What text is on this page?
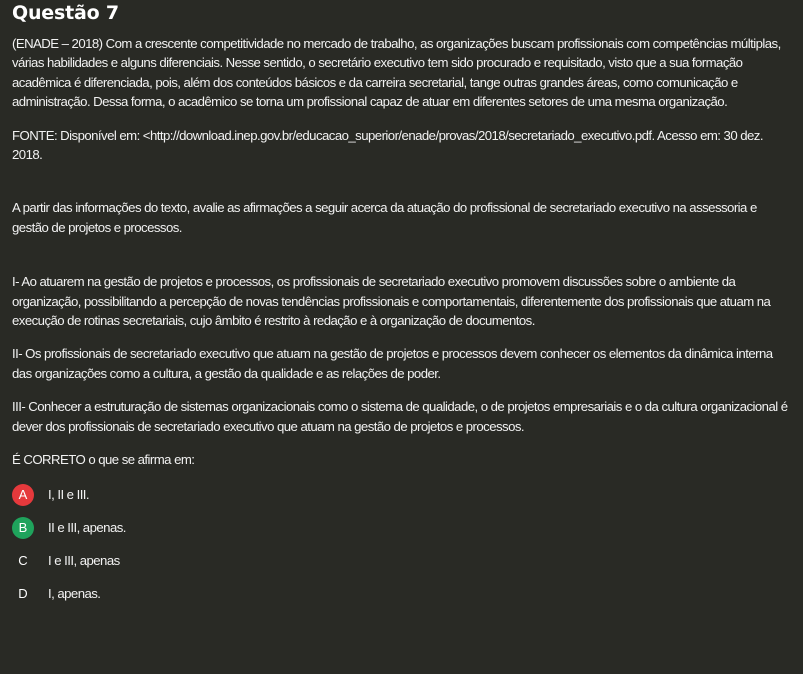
Questão 7

(ENADE – 2018) Com a crescente competitividade no mercado de trabalho, as organizações buscam profissionais com competências múltiplas, várias habilidades e alguns diferenciais. Nesse sentido, o secretário executivo tem sido procurado e requisitado, visto que a sua formação acadêmica é diferenciada, pois, além dos conteúdos básicos e da carreira secretarial, tange outras grandes áreas, como comunicação e administração. Dessa forma, o acadêmico se torna um profissional capaz de atuar em diferentes setores de uma mesma organização.

FONTE: Disponível em: <http://download.inep.gov.br/educacao_superior/enade/provas/2018/secretariado_executivo.pdf. Acesso em: 30 dez. 2018.

A partir das informações do texto, avalie as afirmações a seguir acerca da atuação do profissional de secretariado executivo na assessoria e gestão de projetos e processos.

I- Ao atuarem na gestão de projetos e processos, os profissionais de secretariado executivo promovem discussões sobre o ambiente da organização, possibilitando a percepção de novas tendências profissionais e comportamentais, diferentemente dos profissionais que atuam na execução de rotinas secretariais, cujo âmbito é restrito à redação e à organização de documentos.

II- Os profissionais de secretariado executivo que atuam na gestão de projetos e processos devem conhecer os elementos da dinâmica interna das organizações como a cultura, a gestão da qualidade e as relações de poder.

III- Conhecer a estruturação de sistemas organizacionais como o sistema de qualidade, o de projetos empresariais e o da cultura organizacional é dever dos profissionais de secretariado executivo que atuam na gestão de projetos e processos.

É CORRETO o que se afirma em:

A	I, II e III.
B	II e III, apenas.
C	I e III, apenas
D	I, apenas.
